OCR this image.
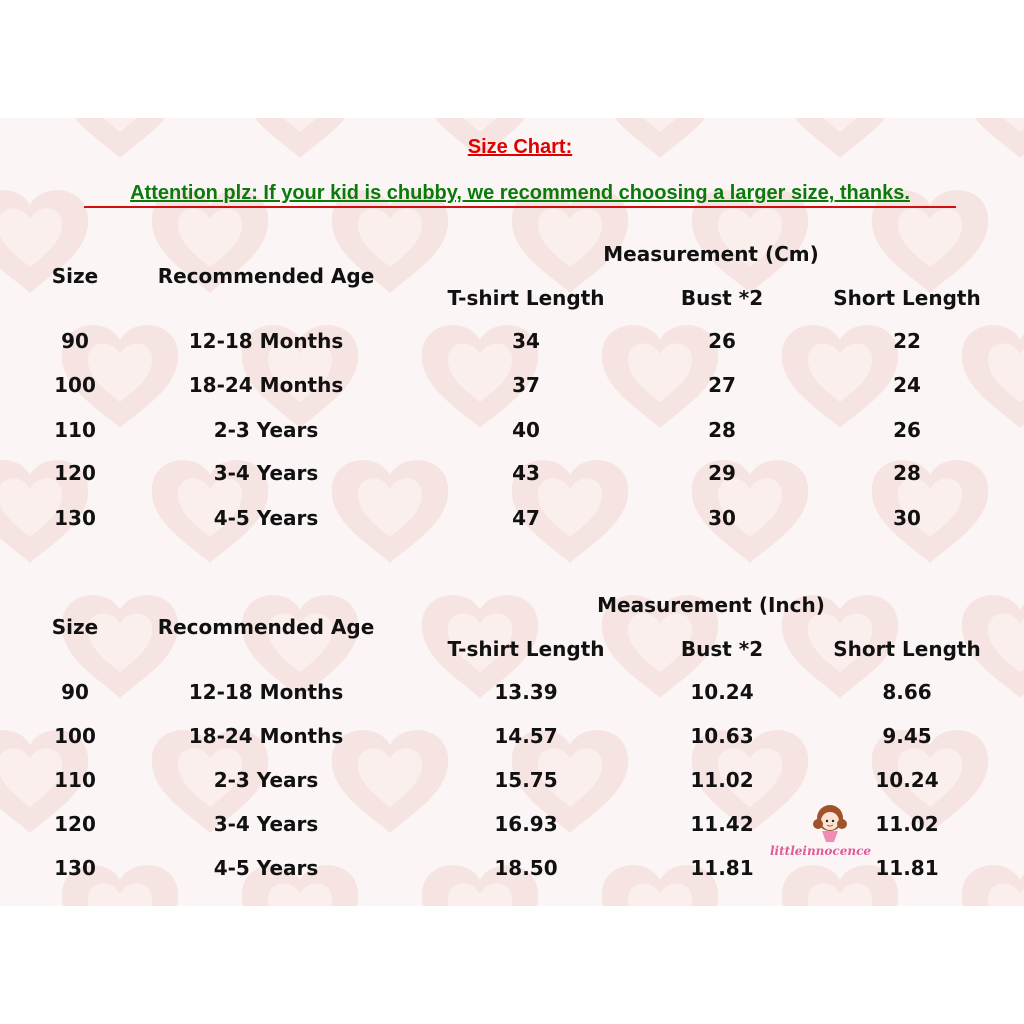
Size Chart:
Attention plz: If your kid is chubby, we recommend choosing a larger size, thanks.
Measurement (Cm)
Size	Recommended Age
T-shirt Length	Bust *2	Short Length
90	12-18 Months	34	26	22
100	18-24 Months	37	27	24
110	2-3 Years	40	28	26
120	3-4 Years	43	29	28
130	4-5 Years	47	30	30
Measurement (Inch)
Size	Recommended Age
T-shirt Length	Bust *2	Short Length
90	12-18 Months	13.39	10.24	8.66
100	18-24 Months	14.57	10.63	9.45
110	2-3 Years	15.75	11.02	10.24
120	3-4 Years	16.93	11.42	11.02
130	4-5 Years	18.50	11.81	11.81
littleinnocence
